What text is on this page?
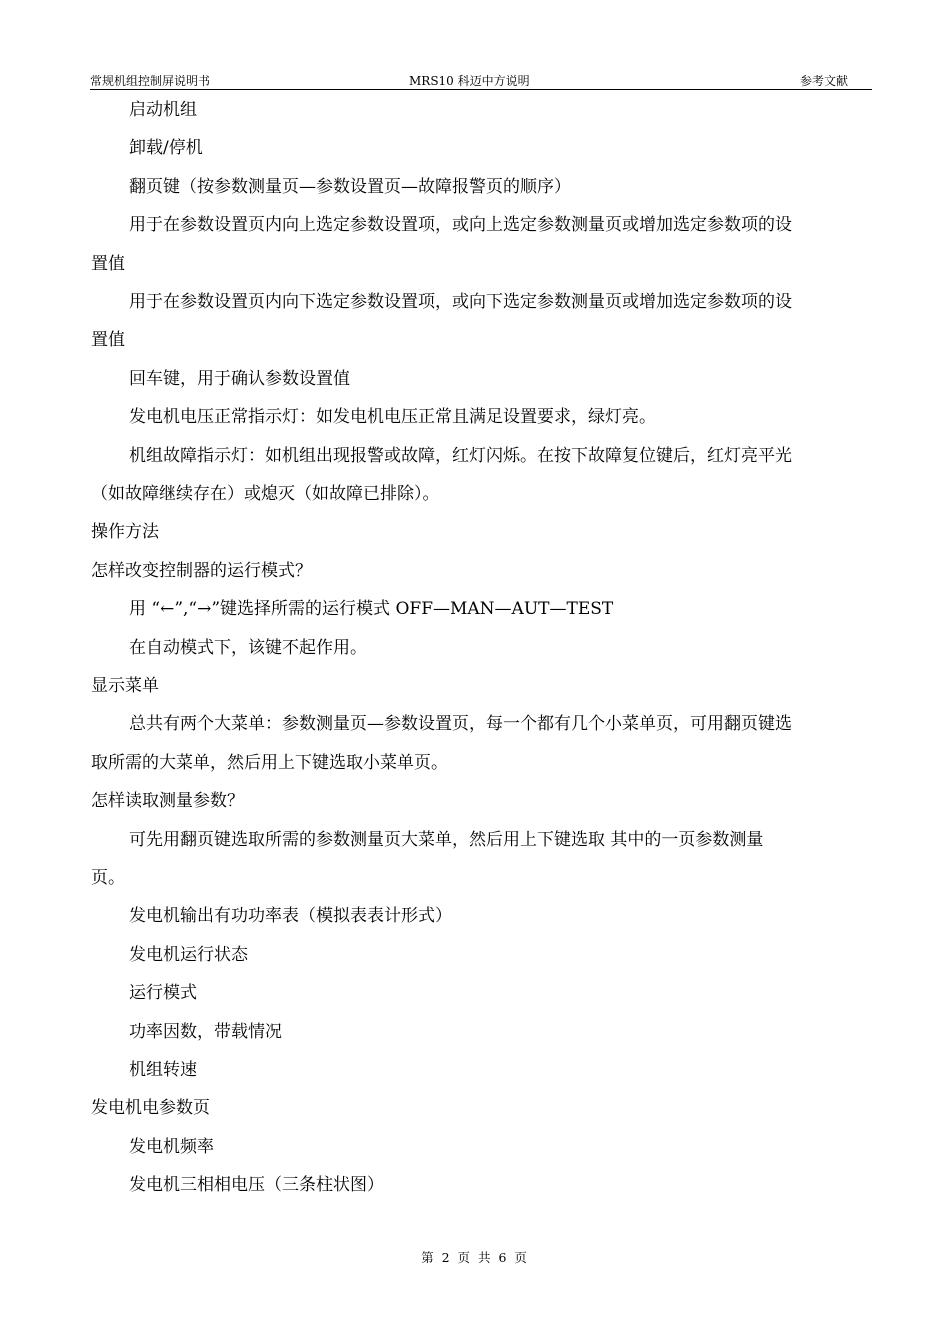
常规机组控制屏说明书	MRS10 科迈中方说明	参考文献
启动机组
卸载/停机
翻页键（按参数测量页—参数设置页—故障报警页的顺序）
用于在参数设置页内向上选定参数设置项，或向上选定参数测量页或增加选定参数项的设
置值
用于在参数设置页内向下选定参数设置项，或向下选定参数测量页或增加选定参数项的设
置值
回车键，用于确认参数设置值
发电机电压正常指示灯：如发电机电压正常且满足设置要求，绿灯亮。
机组故障指示灯：如机组出现报警或故障，红灯闪烁。在按下故障复位键后，红灯亮平光
（如故障继续存在）或熄灭（如故障已排除）。
操作方法
怎样改变控制器的运行模式？
用 “←”,“→”键选择所需的运行模式 OFF—MAN—AUT—TEST
在自动模式下，该键不起作用。
显示菜单
总共有两个大菜单：参数测量页—参数设置页，每一个都有几个小菜单页，可用翻页键选
取所需的大菜单，然后用上下键选取小菜单页。
怎样读取测量参数？
可先用翻页键选取所需的参数测量页大菜单，然后用上下键选取 其中的一页参数测量
页。
发电机输出有功功率表（模拟表表计形式）
发电机运行状态
运行模式
功率因数，带载情况
机组转速
发电机电参数页
发电机频率
发电机三相相电压（三条柱状图）
第 2 页 共 6 页
